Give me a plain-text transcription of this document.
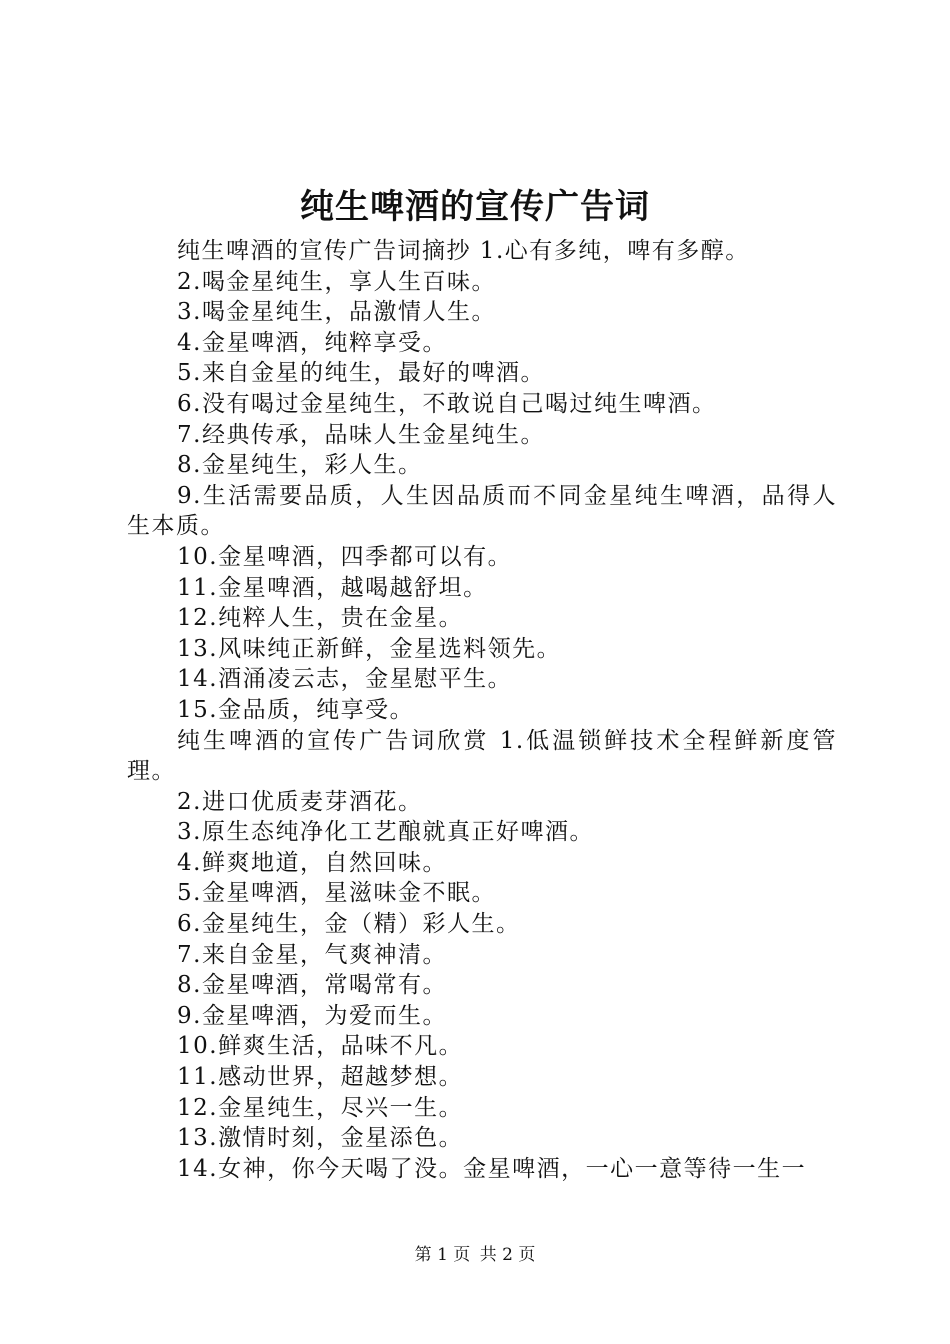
纯生啤酒的宣传广告词

纯生啤酒的宣传广告词摘抄 1.心有多纯，啤有多醇。

2.喝金星纯生，享人生百味。

3.喝金星纯生，品激情人生。

4.金星啤酒，纯粹享受。

5.来自金星的纯生，最好的啤酒。

6.没有喝过金星纯生，不敢说自己喝过纯生啤酒。

7.经典传承，品味人生金星纯生。

8.金星纯生，彩人生。

9.生活需要品质，人生因品质而不同金星纯生啤酒，品得人生本质。

10.金星啤酒，四季都可以有。

11.金星啤酒，越喝越舒坦。

12.纯粹人生，贵在金星。

13.风味纯正新鲜，金星选料领先。

14.酒涌凌云志，金星慰平生。

15.金品质，纯享受。

纯生啤酒的宣传广告词欣赏 1.低温锁鲜技术全程鲜新度管理。

2.进口优质麦芽酒花。

3.原生态纯净化工艺酿就真正好啤酒。

4.鲜爽地道，自然回味。

5.金星啤酒，星滋味金不眠。

6.金星纯生，金（精）彩人生。

7.来自金星，气爽神清。

8.金星啤酒，常喝常有。

9.金星啤酒，为爱而生。

10.鲜爽生活，品味不凡。

11.感动世界，超越梦想。

12.金星纯生，尽兴一生。

13.激情时刻，金星添色。

14.女神，你今天喝了没。金星啤酒，一心一意等待一生一

第 1 页 共 2 页
